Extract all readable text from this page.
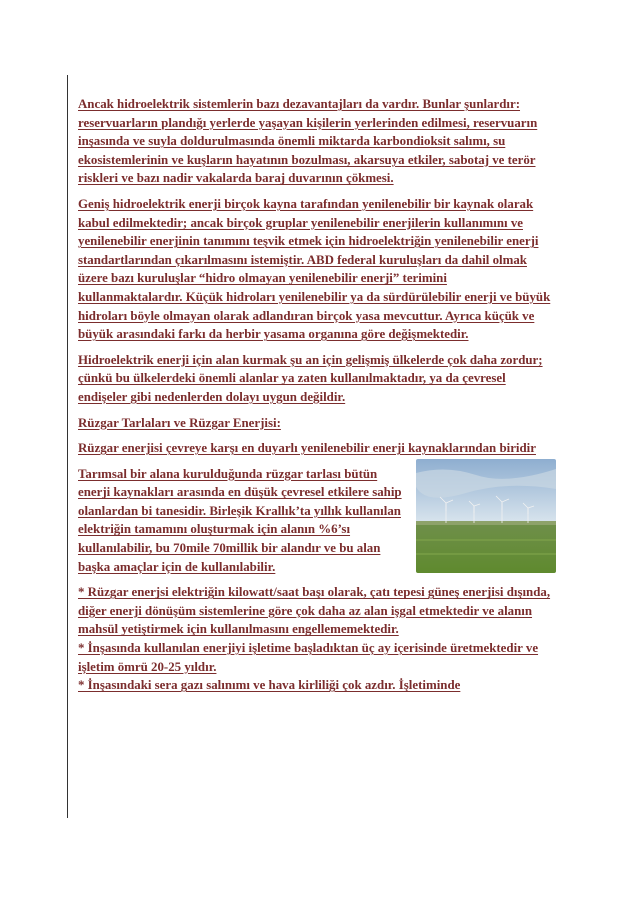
Ancak hidroelektrik sistemlerin bazı dezavantajları da vardır. Bunlar şunlardır: reservuarların plandığı yerlerde yaşayan kişilerin yerlerinden edilmesi, reservuarın inşasında ve suyla doldurulmasında önemli miktarda karbondioksit salımı, su ekosistemlerinin ve kuşların hayatının bozulması, akarsuya etkiler, sabotaj ve terör riskleri ve bazı nadir vakalarda baraj duvarının çökmesi.

Geniş hidroelektrik enerji birçok kayna tarafından yenilenebilir bir kaynak olarak kabul edilmektedir; ancak birçok gruplar yenilenebilir enerjilerin kullanımını ve yenilenebilir enerjinin tanımını teşvik etmek için hidroelektriğin yenilenebilir enerji standartlarından çıkarılmasını istemiştir. ABD federal kuruluşları da dahil olmak üzere bazı kuruluşlar “hidro olmayan yenilenebilir enerji” terimini kullanmaktalardır. Küçük hidroları yenilenebilir ya da sürdürülebilir enerji ve büyük hidroları böyle olmayan olarak adlandıran birçok yasa mevcuttur. Ayrıca küçük ve büyük arasındaki farkı da herbir yasama organına göre değişmektedir.

Hidroelektrik enerji için alan kurmak şu an için gelişmiş ülkelerde çok daha zordur; çünkü bu ülkelerdeki önemli alanlar ya zaten kullanılmaktadır, ya da çevresel endişeler gibi nedenlerden dolayı uygun değildir.

Rüzgar Tarlaları ve Rüzgar Enerjisi:

Rüzgar enerjisi çevreye karşı en duyarlı yenilenebilir enerji kaynaklarından biridir

Tarımsal bir alana kurulduğunda rüzgar tarlası bütün enerji kaynakları arasında en düşük çevresel etkilere sahip olanlardan bi tanesidir. Birleşik Krallık’ta yıllık kullanılan elektriğin tamamını oluşturmak için alanın %6’sı kullanılabilir, bu 70mile 70millik bir alandır ve bu alan başka amaçlar için de kullanılabilir.

* Rüzgar enerjsi elektriğin kilowatt/saat başı olarak, çatı tepesi güneş enerjisi dışında, diğer enerji dönüşüm sistemlerine göre çok daha az alan işgal etmektedir ve alanın mahsül yetiştirmek için kullanılmasını engellememektedir.

* İnşasında kullanılan enerjiyi işletime başladıktan üç ay içerisinde üretmektedir ve işletim ömrü 20-25 yıldır.

* İnşasındaki sera gazı salınımı ve hava kirliliği çok azdır. İşletiminde
